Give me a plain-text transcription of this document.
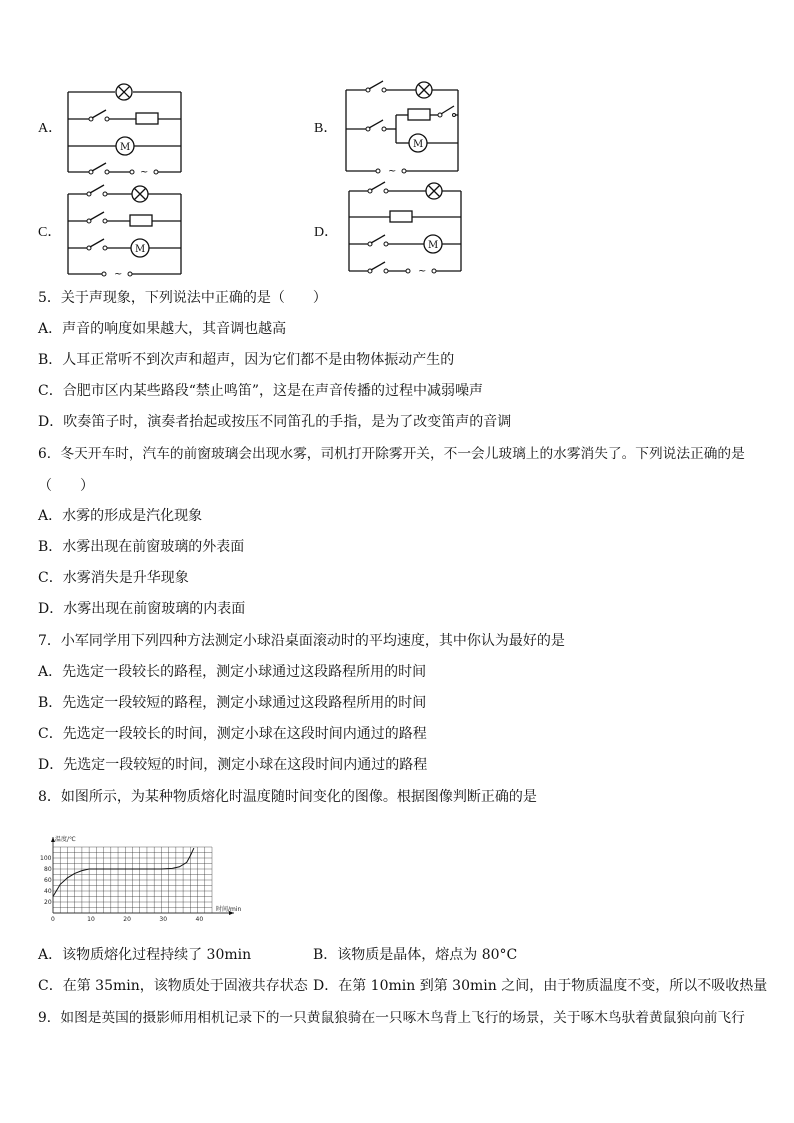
A．
M
~
B．
M
~
C．
M
~
D．
M
~
5．关于声现象，下列说法中正确的是（　　）
A．声音的响度如果越大，其音调也越高
B．人耳正常听不到次声和超声，因为它们都不是由物体振动产生的
C．合肥市区内某些路段“禁止鸣笛”，这是在声音传播的过程中减弱噪声
D．吹奏笛子时，演奏者抬起或按压不同笛孔的手指，是为了改变笛声的音调
6．冬天开车时，汽车的前窗玻璃会出现水雾，司机打开除雾开关，不一会儿玻璃上的水雾消失了。下列说法正确的是
（　　）
A．水雾的形成是汽化现象
B．水雾出现在前窗玻璃的外表面
C．水雾消失是升华现象
D．水雾出现在前窗玻璃的内表面
7．小军同学用下列四种方法测定小球沿桌面滚动时的平均速度，其中你认为最好的是
A．先选定一段较长的路程，测定小球通过这段路程所用的时间
B．先选定一段较短的路程，测定小球通过这段路程所用的时间
C．先选定一段较长的时间，测定小球在这段时间内通过的路程
D．先选定一段较短的时间，测定小球在这段时间内通过的路程
8．如图所示，为某种物质熔化时温度随时间变化的图像。根据图像判断正确的是
0	10	20	30	40
20
40
60
80
100
温度/℃
时间/min
A．该物质熔化过程持续了 30min	B．该物质是晶体，熔点为 80°C
C．在第 35min，该物质处于固液共存状态 D．在第 10min 到第 30min 之间，由于物质温度不变，所以不吸收热量
9．如图是英国的摄影师用相机记录下的一只黄鼠狼骑在一只啄木鸟背上飞行的场景，关于啄木鸟驮着黄鼠狼向前飞行
